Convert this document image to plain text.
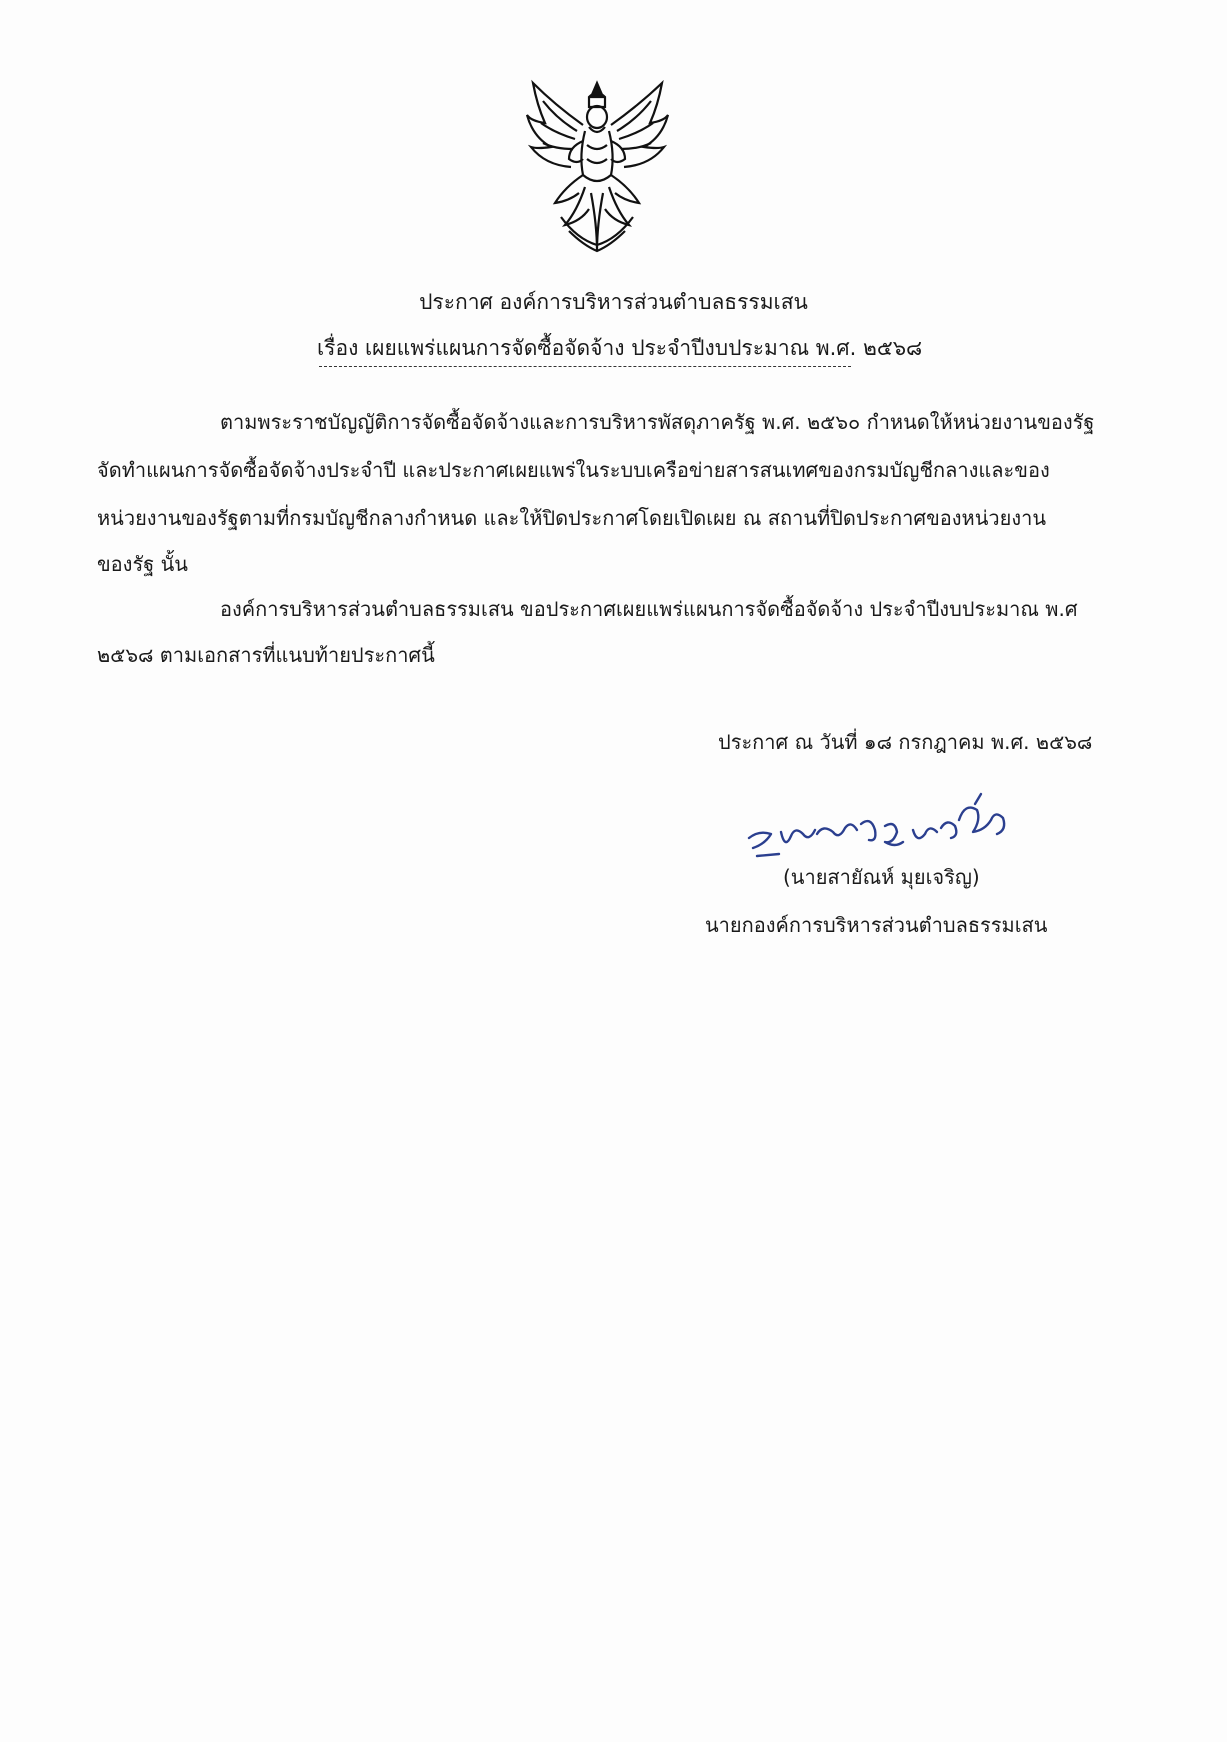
ประกาศ องค์การบริหารส่วนตำบลธรรมเสน
เรื่อง เผยแพร่แผนการจัดซื้อจัดจ้าง ประจำปีงบประมาณ พ.ศ. ๒๕๖๘
ตามพระราชบัญญัติการจัดซื้อจัดจ้างและการบริหารพัสดุภาครัฐ พ.ศ. ๒๕๖๐ กำหนดให้หน่วยงานของรัฐ
จัดทำแผนการจัดซื้อจัดจ้างประจำปี และประกาศเผยแพร่ในระบบเครือข่ายสารสนเทศของกรมบัญชีกลางและของ
หน่วยงานของรัฐตามที่กรมบัญชีกลางกำหนด และให้ปิดประกาศโดยเปิดเผย ณ สถานที่ปิดประกาศของหน่วยงาน
ของรัฐ นั้น
องค์การบริหารส่วนตำบลธรรมเสน ขอประกาศเผยแพร่แผนการจัดซื้อจัดจ้าง ประจำปีงบประมาณ พ.ศ
๒๕๖๘ ตามเอกสารที่แนบท้ายประกาศนี้
ประกาศ ณ วันที่ ๑๘ กรกฎาคม พ.ศ. ๒๕๖๘
(นายสายัณห์ มุยเจริญ)
นายกองค์การบริหารส่วนตำบลธรรมเสน
